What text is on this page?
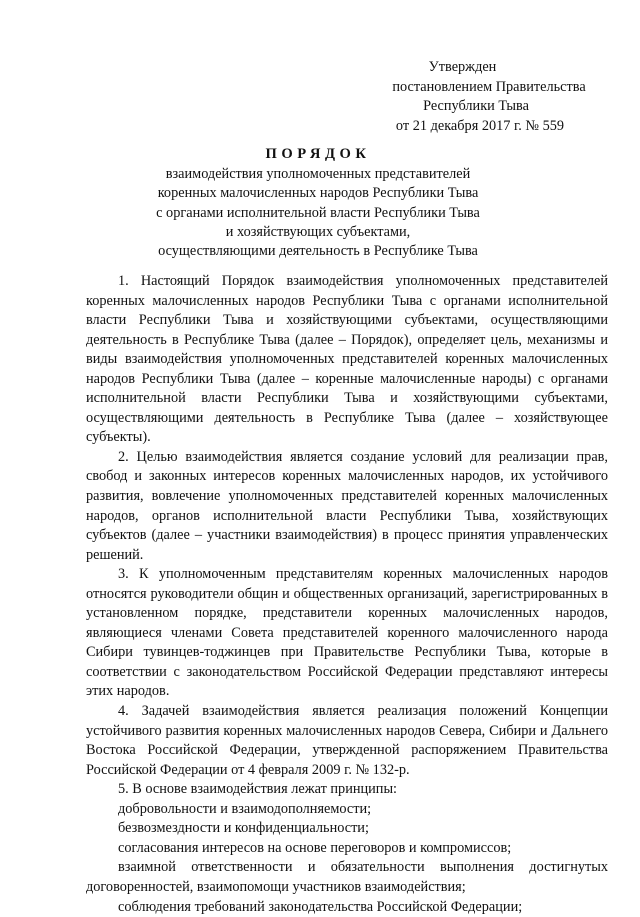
Утвержден
постановлением Правительства
Республики Тыва
от 21 декабря 2017 г. № 559
ПОРЯДОК
взаимодействия уполномоченных представителей
коренных малочисленных народов Республики Тыва
с органами исполнительной власти Республики Тыва
и хозяйствующих субъектами,
осуществляющими деятельность в Республике Тыва

1. Настоящий Порядок взаимодействия уполномоченных представителей коренных малочисленных народов Республики Тыва с органами исполнительной власти Республики Тыва и хозяйствующими субъектами, осуществляющими деятельность в Республике Тыва (далее – Порядок), определяет цель, механизмы и виды взаимодействия уполномоченных представителей коренных малочисленных народов Республики Тыва (далее – коренные малочисленные народы) с органами исполнительной власти Республики Тыва и хозяйствующими субъектами, осуществляющими деятельность в Республике Тыва (далее – хозяйствующее субъекты).

2. Целью взаимодействия является создание условий для реализации прав, свобод и законных интересов коренных малочисленных народов, их устойчивого развития, вовлечение уполномоченных представителей коренных малочисленных народов, органов исполнительной власти Республики Тыва, хозяйствующих субъектов (далее – участники взаимодействия) в процесс принятия управленческих решений.

3. К уполномоченным представителям коренных малочисленных народов относятся руководители общин и общественных организаций, зарегистрированных в установленном порядке, представители коренных малочисленных народов, являющиеся членами Совета представителей коренного малочисленного народа Сибири тувинцев-тоджинцев при Правительстве Республики Тыва, которые в соответствии с законодательством Российской Федерации представляют интересы этих народов.

4. Задачей взаимодействия является реализация положений Концепции устойчивого развития коренных малочисленных народов Севера, Сибири и Дальнего Востока Российской Федерации, утвержденной распоряжением Правительства Российской Федерации от 4 февраля 2009 г. № 132-р.

5. В основе взаимодействия лежат принципы:

добровольности и взаимодополняемости;

безвозмездности и конфиденциальности;

согласования интересов на основе переговоров и компромиссов;

взаимной ответственности и обязательности выполнения достигнутых договоренностей, взаимопомощи участников взаимодействия;

соблюдения требований законодательства Российской Федерации;
